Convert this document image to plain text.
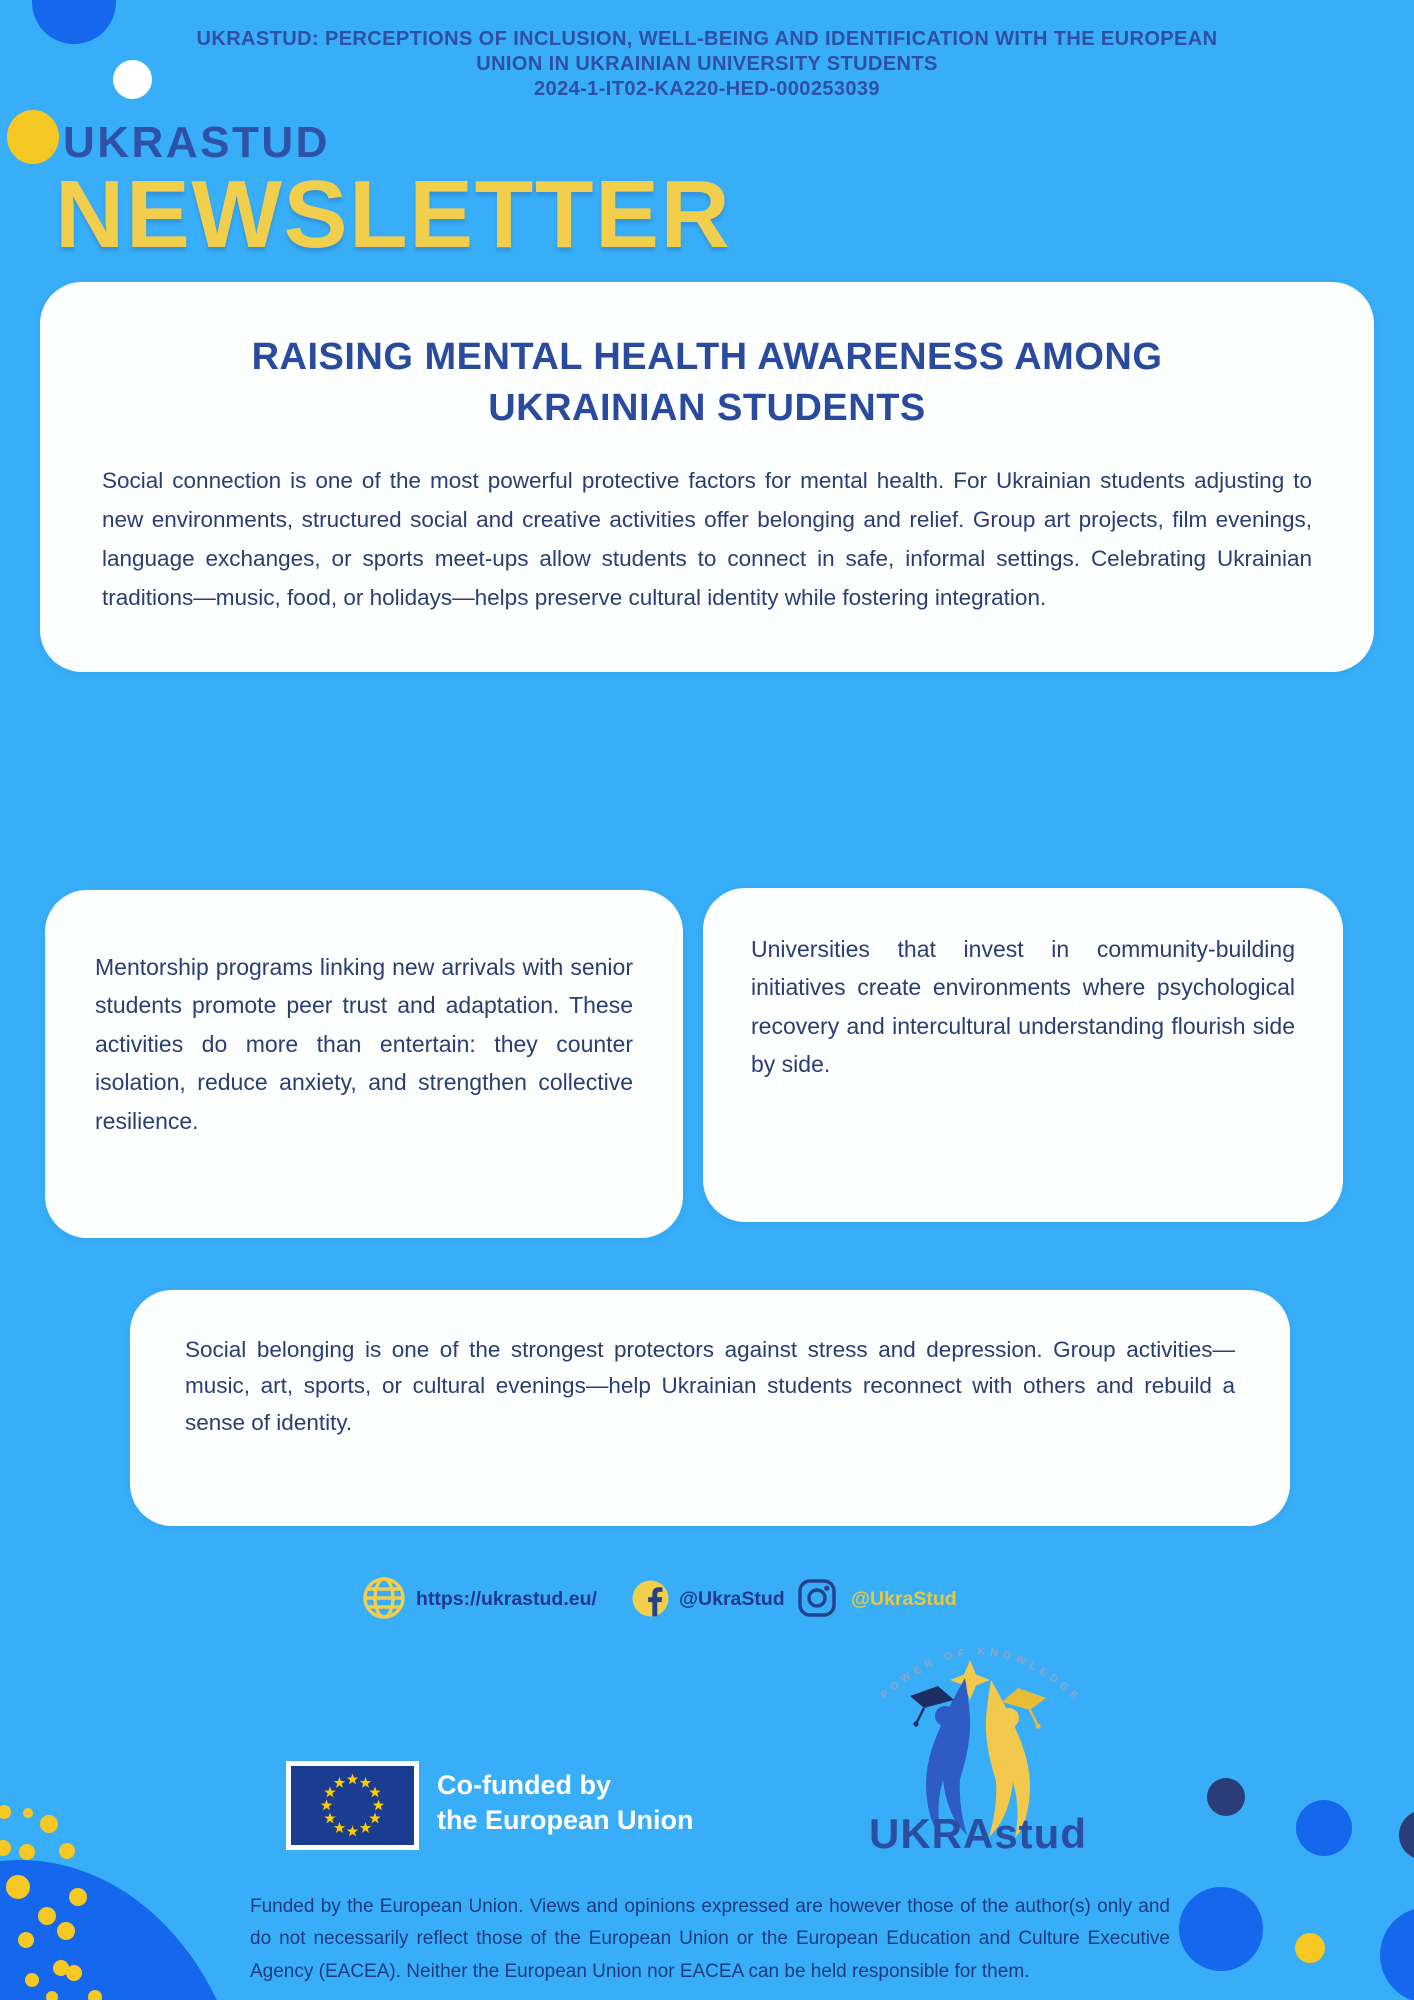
UKRASTUD: PERCEPTIONS OF INCLUSION, WELL-BEING AND IDENTIFICATION WITH THE EUROPEAN
UNION IN UKRAINIAN UNIVERSITY STUDENTS
2024-1-IT02-KA220-HED-000253039
UKRASTUD
NEWSLETTER
RAISING MENTAL HEALTH AWARENESS AMONG
UKRAINIAN STUDENTS

Social connection is one of the most powerful protective factors for mental health. For Ukrainian students adjusting to new environments, structured social and creative activities offer belonging and relief. Group art projects, film evenings, language exchanges, or sports meet-ups allow students to connect in safe, informal settings. Celebrating Ukrainian traditions—music, food, or holidays—helps preserve cultural identity while fostering integration.

Mentorship programs linking new arrivals with senior students promote peer trust and adaptation. These activities do more than entertain: they counter isolation, reduce anxiety, and strengthen collective resilience.

Universities that invest in community-building initiatives create environments where psychological recovery and intercultural understanding flourish side by side.

Social belonging is one of the strongest protectors against stress and depression. Group activities—music, art, sports, or cultural evenings—help Ukrainian students reconnect with others and rebuild a sense of identity.

https://ukrastud.eu/	@UkraStud	@UkraStud
Co-funded by
the European Union
POWER OF KNOWLEDGE
UKRAstud
Funded by the European Union. Views and opinions expressed are however those of the author(s) only and do not necessarily reflect those of the European Union or the European Education and Culture Executive Agency (EACEA). Neither the European Union nor EACEA can be held responsible for them.
